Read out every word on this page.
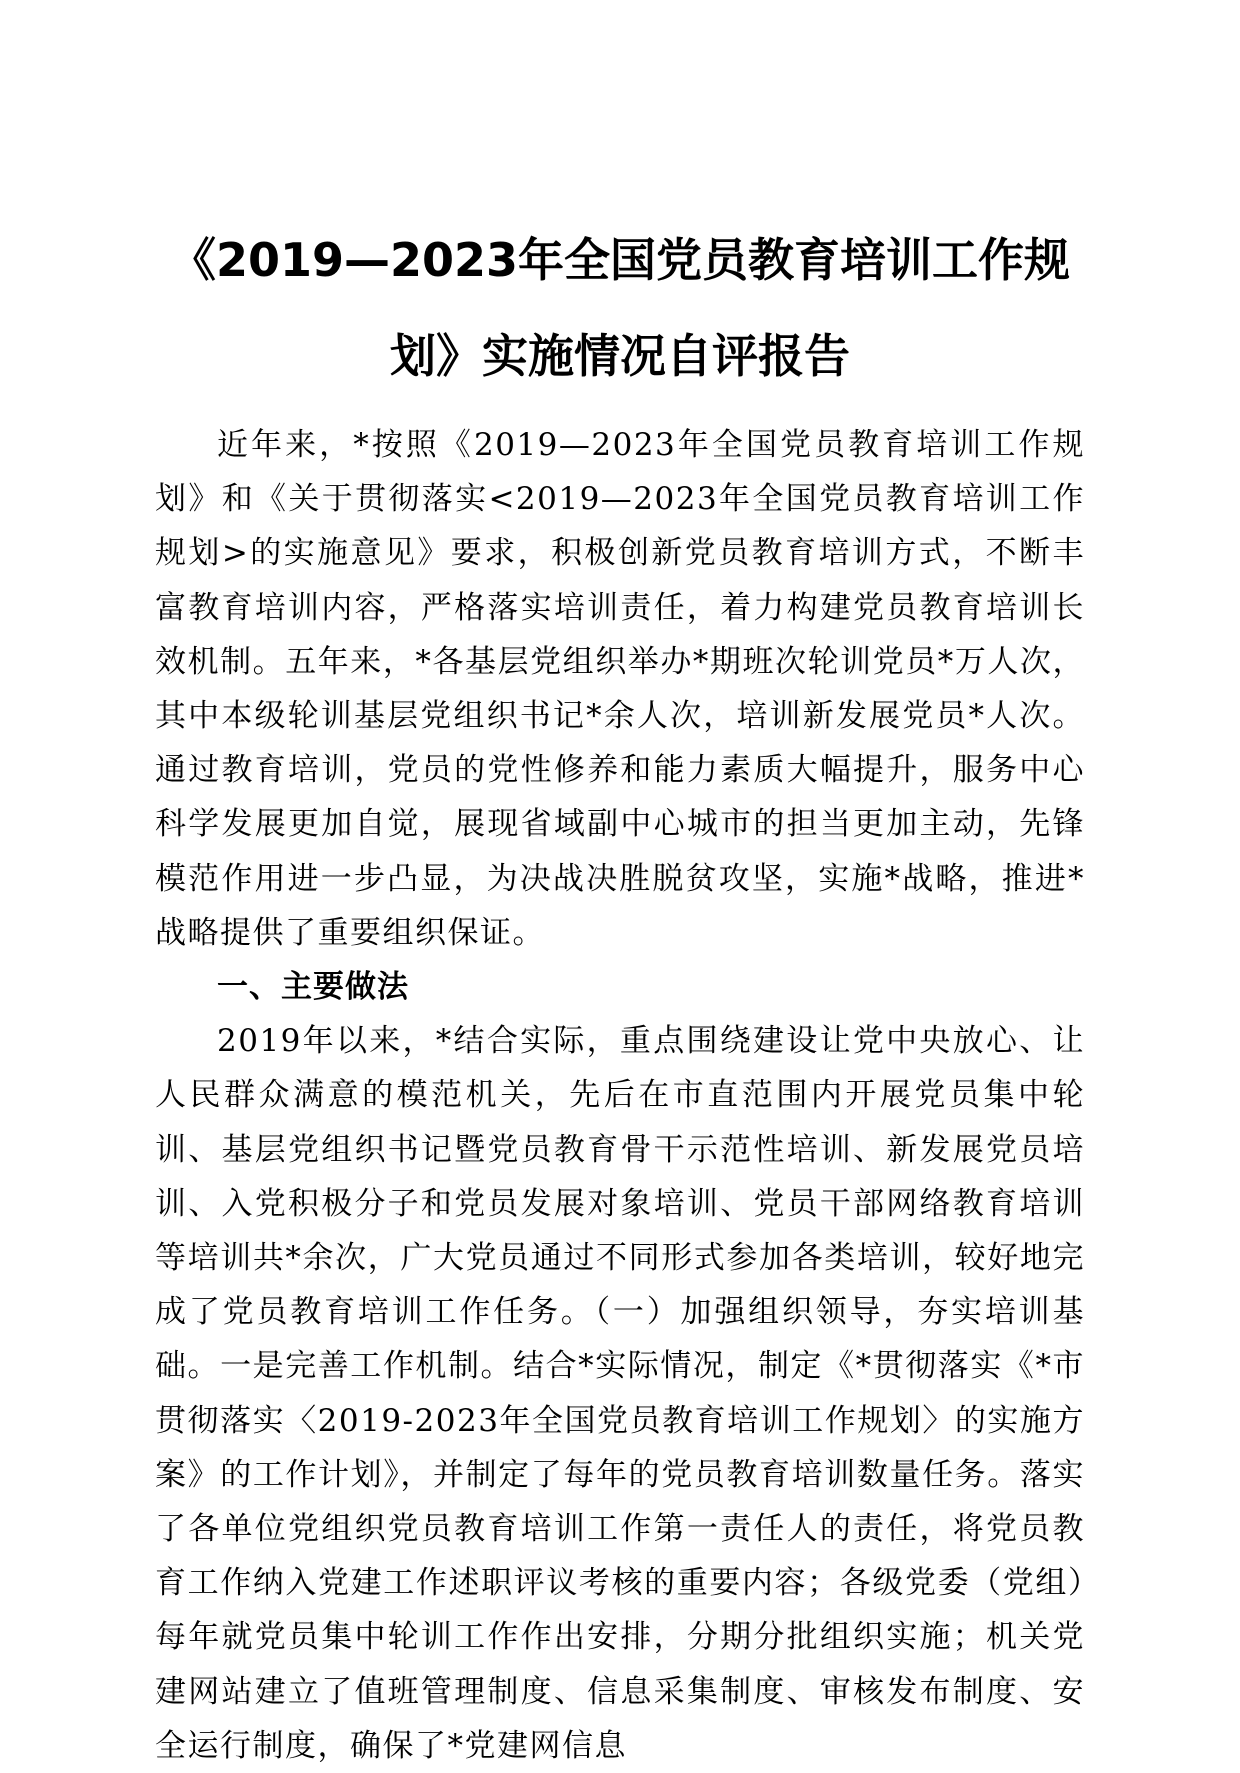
《2019—2023年全国党员教育培训工作规
划》实施情况自评报告

近年来，*按照《2019—2023年全国党员教育培训工作规划》和《关于贯彻落实<2019—2023年全国党员教育培训工作规划>的实施意见》要求，积极创新党员教育培训方式，不断丰富教育培训内容，严格落实培训责任，着力构建党员教育培训长效机制。五年来，*各基层党组织举办*期班次轮训党员*万人次，其中本级轮训基层党组织书记*余人次，培训新发展党员*人次。通过教育培训，党员的党性修养和能力素质大幅提升，服务中心科学发展更加自觉，展现省域副中心城市的担当更加主动，先锋模范作用进一步凸显，为决战决胜脱贫攻坚，实施*战略，推进*战略提供了重要组织保证。

一、主要做法

2019年以来，*结合实际，重点围绕建设让党中央放心、让人民群众满意的模范机关，先后在市直范围内开展党员集中轮训、基层党组织书记暨党员教育骨干示范性培训、新发展党员培训、入党积极分子和党员发展对象培训、党员干部网络教育培训等培训共*余次，广大党员通过不同形式参加各类培训，较好地完成了党员教育培训工作任务。（一）加强组织领导，夯实培训基础。一是完善工作机制。结合*实际情况，制定《*贯彻落实《*市贯彻落实〈2019-2023年全国党员教育培训工作规划〉的实施方案》的工作计划》，并制定了每年的党员教育培训数量任务。落实了各单位党组织党员教育培训工作第一责任人的责任，将党员教育工作纳入党建工作述职评议考核的重要内容；各级党委（党组）每年就党员集中轮训工作作出安排，分期分批组织实施；机关党建网站建立了值班管理制度、信息采集制度、审核发布制度、安全运行制度，确保了*党建网信息
